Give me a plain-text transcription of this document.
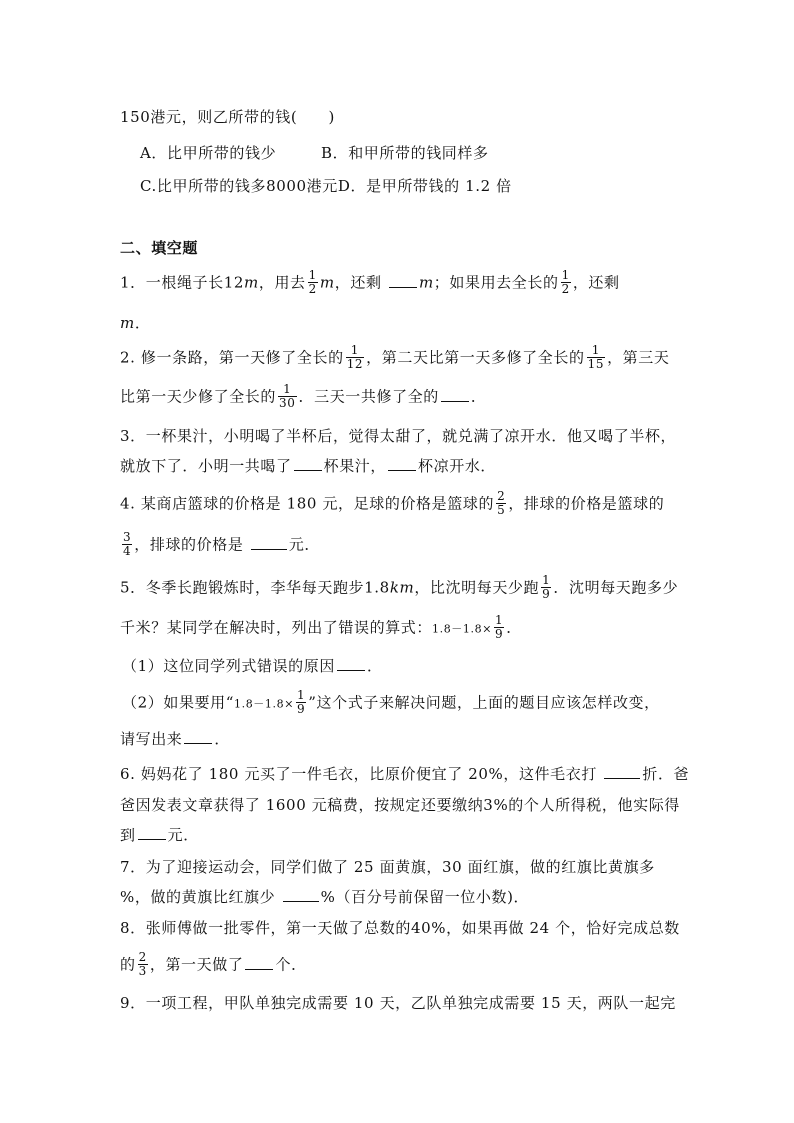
150港元，则乙所带的钱(　　)
A．比甲所带的钱少	B．和甲所带的钱同样多
C.比甲所带的钱多8000港元D．是甲所带钱的 1.2 倍
二、填空题
1．一根绳子长12m，用去 $\frac{1}{2}$ m，还剩 m；如果用去全长的 $\frac{1}{2}$ ，还剩
m．
2. 修一条路，第一天修了全长的 $\frac{1}{12}$ ，第二天比第一天多修了全长的 $\frac{1}{15}$ ，第三天
比第一天少修了全长的 $\frac{1}{30}$ ．三天一共修了全的 ．
3．一杯果汁，小明喝了半杯后，觉得太甜了，就兑满了凉开水．他又喝了半杯，
就放下了．小明一共喝了 杯果汁， 杯凉开水．
4. 某商店篮球的价格是 180 元，足球的价格是篮球的 $\frac{2}{5}$ ，排球的价格是篮球的
$\frac{3}{4}$ ，排球的价格是	元．
5．冬季长跑锻炼时，李华每天跑步1.8km，比沈明每天少跑 $\frac{1}{9}$ ．沈明每天跑多少
千米？某同学在解决时，列出了错误的算式：$1.8-1.8\times \frac{1}{9}$ ．
（1）这位同学列式错误的原因 ．
（2）如果要用“$1.8-1.8\times \frac{1}{9}$ ”这个式子来解决问题，上面的题目应该怎样改变，
请写出来 ．
6. 妈妈花了 180 元买了一件毛衣，比原价便宜了 20%，这件毛衣打	折．爸
爸因发表文章获得了 1600 元稿费，按规定还要缴纳3%的个人所得税，他实际得
到 元．
7．为了迎接运动会，同学们做了 25 面黄旗，30 面红旗，做的红旗比黄旗多
%，做的黄旗比红旗少	%（百分号前保留一位小数)．
8．张师傅做一批零件，第一天做了总数的40%，如果再做 24 个，恰好完成总数
的 $\frac{2}{3}$ ，第一天做了 个．
9．一项工程，甲队单独完成需要 10 天，乙队单独完成需要 15 天，两队一起完
